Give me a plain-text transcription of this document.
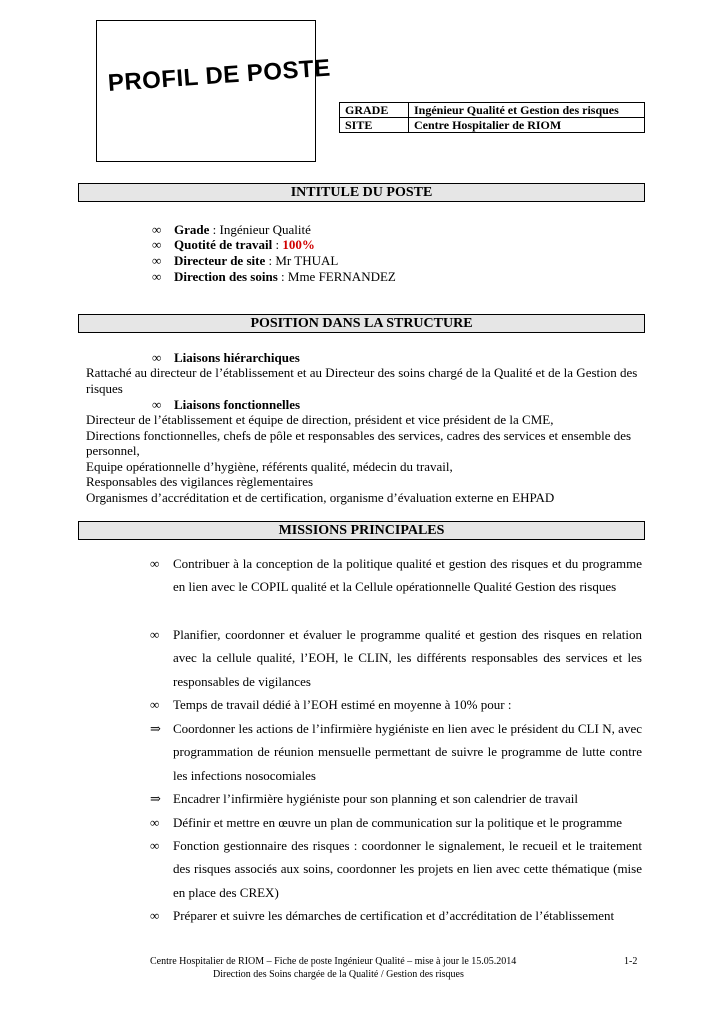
PROFIL DE POSTE
GRADE	Ingénieur Qualité et Gestion des risques
SITE	Centre Hospitalier de RIOM
INTITULE DU POSTE
∞ Grade : Ingénieur Qualité
∞ Quotité de travail : 100%
∞ Directeur de site : Mr THUAL
∞ Direction des soins : Mme FERNANDEZ
POSITION DANS LA STRUCTURE
∞ Liaisons hiérarchiques
Rattaché au directeur de l’établissement et au Directeur des soins chargé de la Qualité et de la Gestion des risques
∞ Liaisons fonctionnelles
Directeur de l’établissement et équipe de direction, président et vice président de la CME,
Directions fonctionnelles, chefs de pôle et responsables des services, cadres des services et ensemble des personnel,
Equipe opérationnelle d’hygiène, référents qualité, médecin du travail,
Responsables des vigilances règlementaires
Organismes d’accréditation et de certification, organisme d’évaluation externe en EHPAD
MISSIONS PRINCIPALES
∞ Contribuer à la conception de la politique qualité et gestion des risques et du programme en lien avec le COPIL qualité et la Cellule opérationnelle Qualité Gestion des risques
∞ Planifier, coordonner et évaluer le programme qualité et gestion des risques en relation avec la cellule qualité, l’EOH, le CLIN, les différents responsables des services et les responsables de vigilances
∞ Temps de travail dédié à l’EOH estimé en moyenne à 10% pour :
⇒ Coordonner les actions de l’infirmière hygiéniste en lien avec le président du CLI N, avec programmation de réunion mensuelle permettant de suivre le programme de lutte contre les infections nosocomiales
⇒ Encadrer l’infirmière hygiéniste pour son planning et son calendrier de travail
∞ Définir et mettre en œuvre un plan de communication sur la politique et le programme
∞ Fonction gestionnaire des risques : coordonner le signalement, le recueil et le traitement des risques associés aux soins, coordonner les projets en lien avec cette thématique (mise en place des CREX)
∞ Préparer et suivre les démarches de certification et d’accréditation de l’établissement
Centre Hospitalier de RIOM – Fiche de poste Ingénieur Qualité – mise à jour le 15.05.2014	1-2
Direction des Soins chargée de la Qualité / Gestion des risques
